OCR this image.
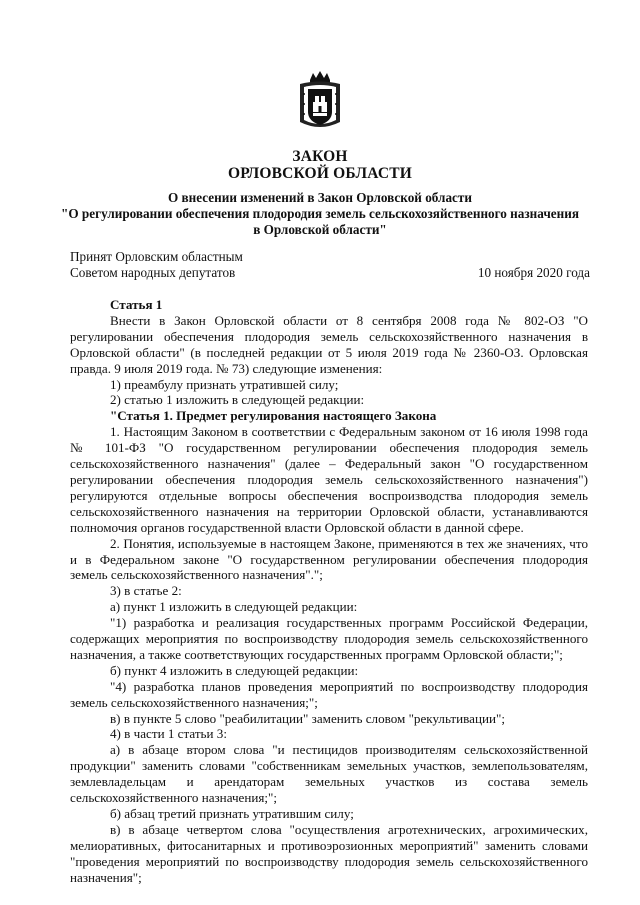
ЗАКОН
ОРЛОВСКОЙ ОБЛАСТИ
О внесении изменений в Закон Орловской области
"О регулировании обеспечения плодородия земель сельскохозяйственного назначения
в Орловской области"
Принят Орловским областным
Советом народных депутатов	10 ноября 2020 года

Статья 1

Внести в Закон Орловской области от 8 сентября 2008 года № 802-ОЗ "О регулировании обеспечения плодородия земель сельскохозяйственного назначения в Орловской области" (в последней редакции от 5 июля 2019 года № 2360-ОЗ. Орловская правда. 9 июля 2019 года. № 73) следующие изменения:

1) преамбулу признать утратившей силу;

2) статью 1 изложить в следующей редакции:

"Статья 1. Предмет регулирования настоящего Закона

1. Настоящим Законом в соответствии с Федеральным законом от 16 июля 1998 года № 101-ФЗ "О государственном регулировании обеспечения плодородия земель сельскохозяйственного назначения" (далее – Федеральный закон "О государственном регулировании обеспечения плодородия земель сельскохозяйственного назначения") регулируются отдельные вопросы обеспечения воспроизводства плодородия земель сельскохозяйственного назначения на территории Орловской области, устанавливаются полномочия органов государственной власти Орловской области в данной сфере.

2. Понятия, используемые в настоящем Законе, применяются в тех же значениях, что и в Федеральном законе "О государственном регулировании обеспечения плодородия земель сельскохозяйственного назначения".";

3) в статье 2:

а) пункт 1 изложить в следующей редакции:

"1) разработка и реализация государственных программ Российской Федерации, содержащих мероприятия по воспроизводству плодородия земель сельскохозяйственного назначения, а также соответствующих государственных программ Орловской области;";

б) пункт 4 изложить в следующей редакции:

"4) разработка планов проведения мероприятий по воспроизводству плодородия земель сельскохозяйственного назначения;";

в) в пункте 5 слово "реабилитации" заменить словом "рекультивации";

4) в части 1 статьи 3:

а) в абзаце втором слова "и пестицидов производителям сельскохозяйственной продукции" заменить словами "собственникам земельных участков, землепользователям, землевладельцам и арендаторам земельных участков из состава земель сельскохозяйственного назначения;";

б) абзац третий признать утратившим силу;

в) в абзаце четвертом слова "осуществления агротехнических, агрохимических, мелиоративных, фитосанитарных и противоэрозионных мероприятий" заменить словами "проведения мероприятий по воспроизводству плодородия земель сельскохозяйственного назначения";
